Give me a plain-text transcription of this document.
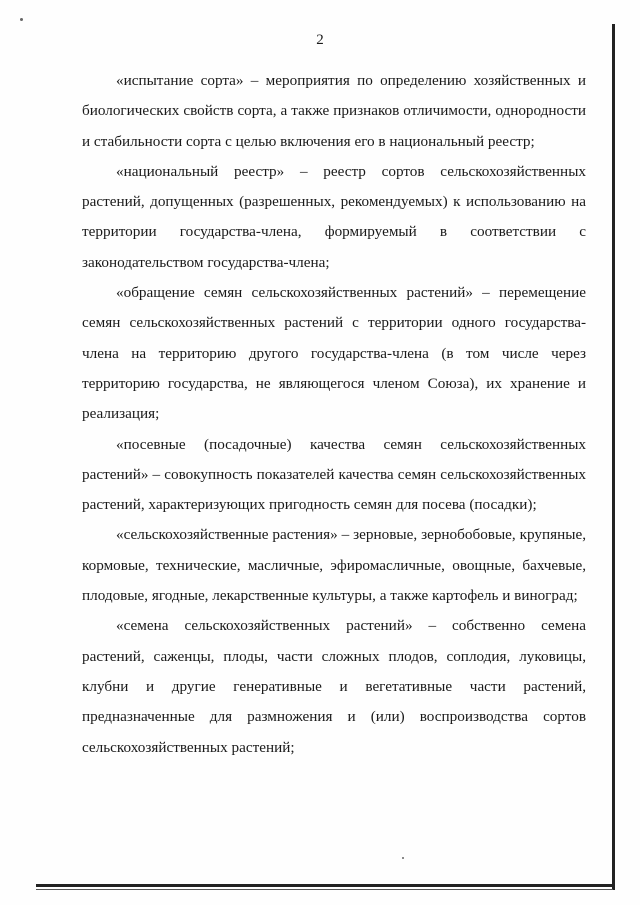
2

«испытание сорта» – мероприятия по определению хозяйственных и биологических свойств сорта, а также признаков отличимости, однородности и стабильности сорта с целью включения его в национальный реестр;

«национальный реестр» – реестр сортов сельскохозяйственных растений, допущенных (разрешенных, рекомендуемых) к использованию на территории государства-члена, формируемый в соответствии с законодательством государства-члена;

«обращение семян сельскохозяйственных растений» – перемещение семян сельскохозяйственных растений с территории одного государства-члена на территорию другого государства-члена (в том числе через территорию государства, не являющегося членом Союза), их хранение и реализация;

«посевные (посадочные) качества семян сельскохозяйственных растений» – совокупность показателей качества семян сельскохозяйственных растений, характеризующих пригодность семян для посева (посадки);

«сельскохозяйственные растения» – зерновые, зернобобовые, крупяные, кормовые, технические, масличные, эфиромасличные, овощные, бахчевые, плодовые, ягодные, лекарственные культуры, а также картофель и виноград;

«семена сельскохозяйственных растений» – собственно семена растений, саженцы, плоды, части сложных плодов, соплодия, луковицы, клубни и другие генеративные и вегетативные части растений, предназначенные для размножения и (или) воспроизводства сортов сельскохозяйственных растений;
